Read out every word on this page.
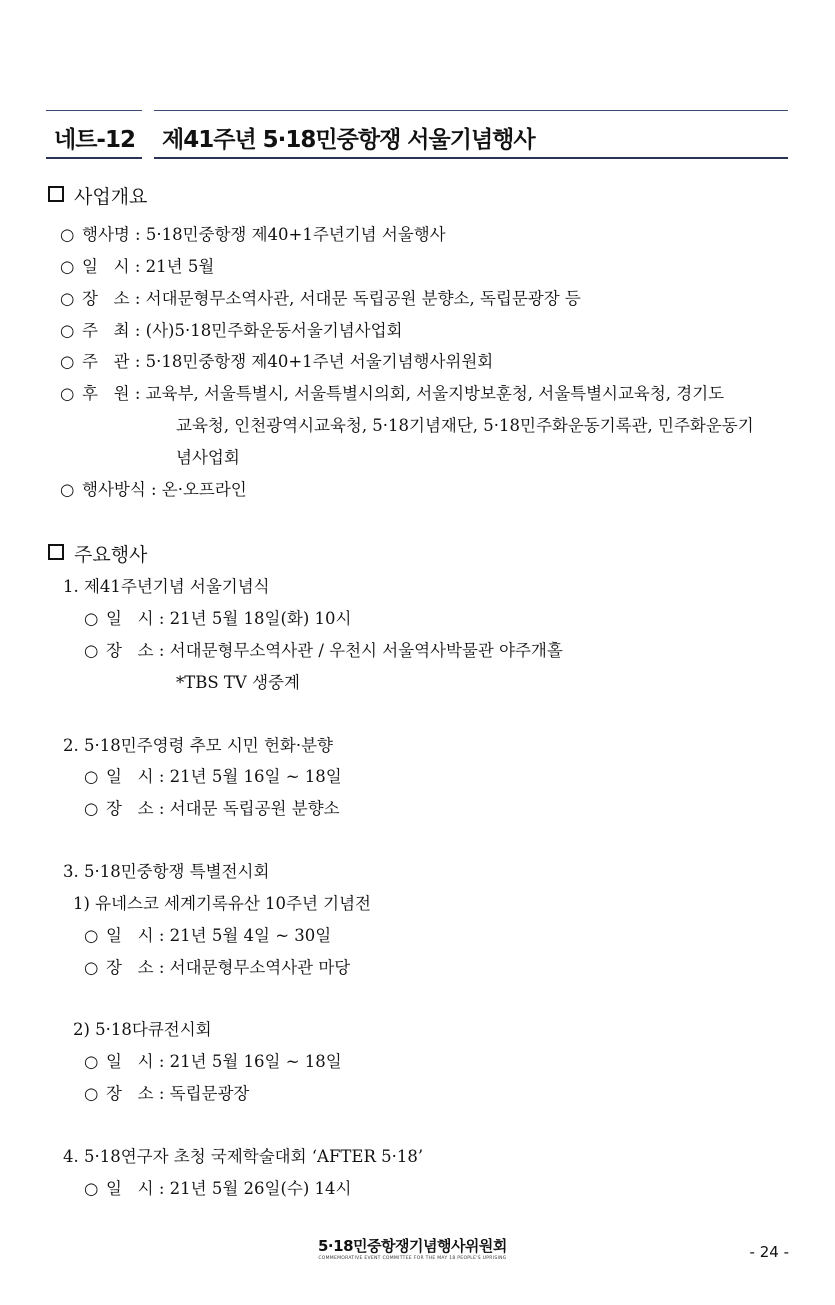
네트-12 제41주년 5·18민중항쟁 서울기념행사
사업개요
○ 행사명 : 5·18민중항쟁 제40+1주년기념 서울행사
○ 일   시 : 21년 5월
○ 장   소 : 서대문형무소역사관, 서대문 독립공원 분향소, 독립문광장 등
○ 주   최 : (사)5·18민주화운동서울기념사업회
○ 주   관 : 5·18민중항쟁 제40+1주년 서울기념행사위원회
○ 후   원 : 교육부, 서울특별시, 서울특별시의회, 서울지방보훈청, 서울특별시교육청, 경기도
교육청, 인천광역시교육청, 5·18기념재단, 5·18민주화운동기록관, 민주화운동기
념사업회
○ 행사방식 : 온·오프라인
주요행사
1. 제41주년기념 서울기념식
○ 일   시 : 21년 5월 18일(화) 10시
○ 장   소 : 서대문형무소역사관 / 우천시 서울역사박물관 야주개홀
*TBS TV 생중계
2. 5·18민주영령 추모 시민 헌화·분향
○ 일   시 : 21년 5월 16일 ~ 18일
○ 장   소 : 서대문 독립공원 분향소
3. 5·18민중항쟁 특별전시회
1) 유네스코 세계기록유산 10주년 기념전
○ 일   시 : 21년 5월 4일 ~ 30일
○ 장   소 : 서대문형무소역사관 마당
2) 5·18다큐전시회
○ 일   시 : 21년 5월 16일 ~ 18일
○ 장   소 : 독립문광장
4. 5·18연구자 초청 국제학술대회 ‘AFTER 5·18’
○ 일   시 : 21년 5월 26일(수) 14시
5·18민중항쟁기념행사위원회
COMMEMORATIVE EVENT COMMITTEE FOR THE MAY 18 PEOPLE'S UPRISING	- 24 -
